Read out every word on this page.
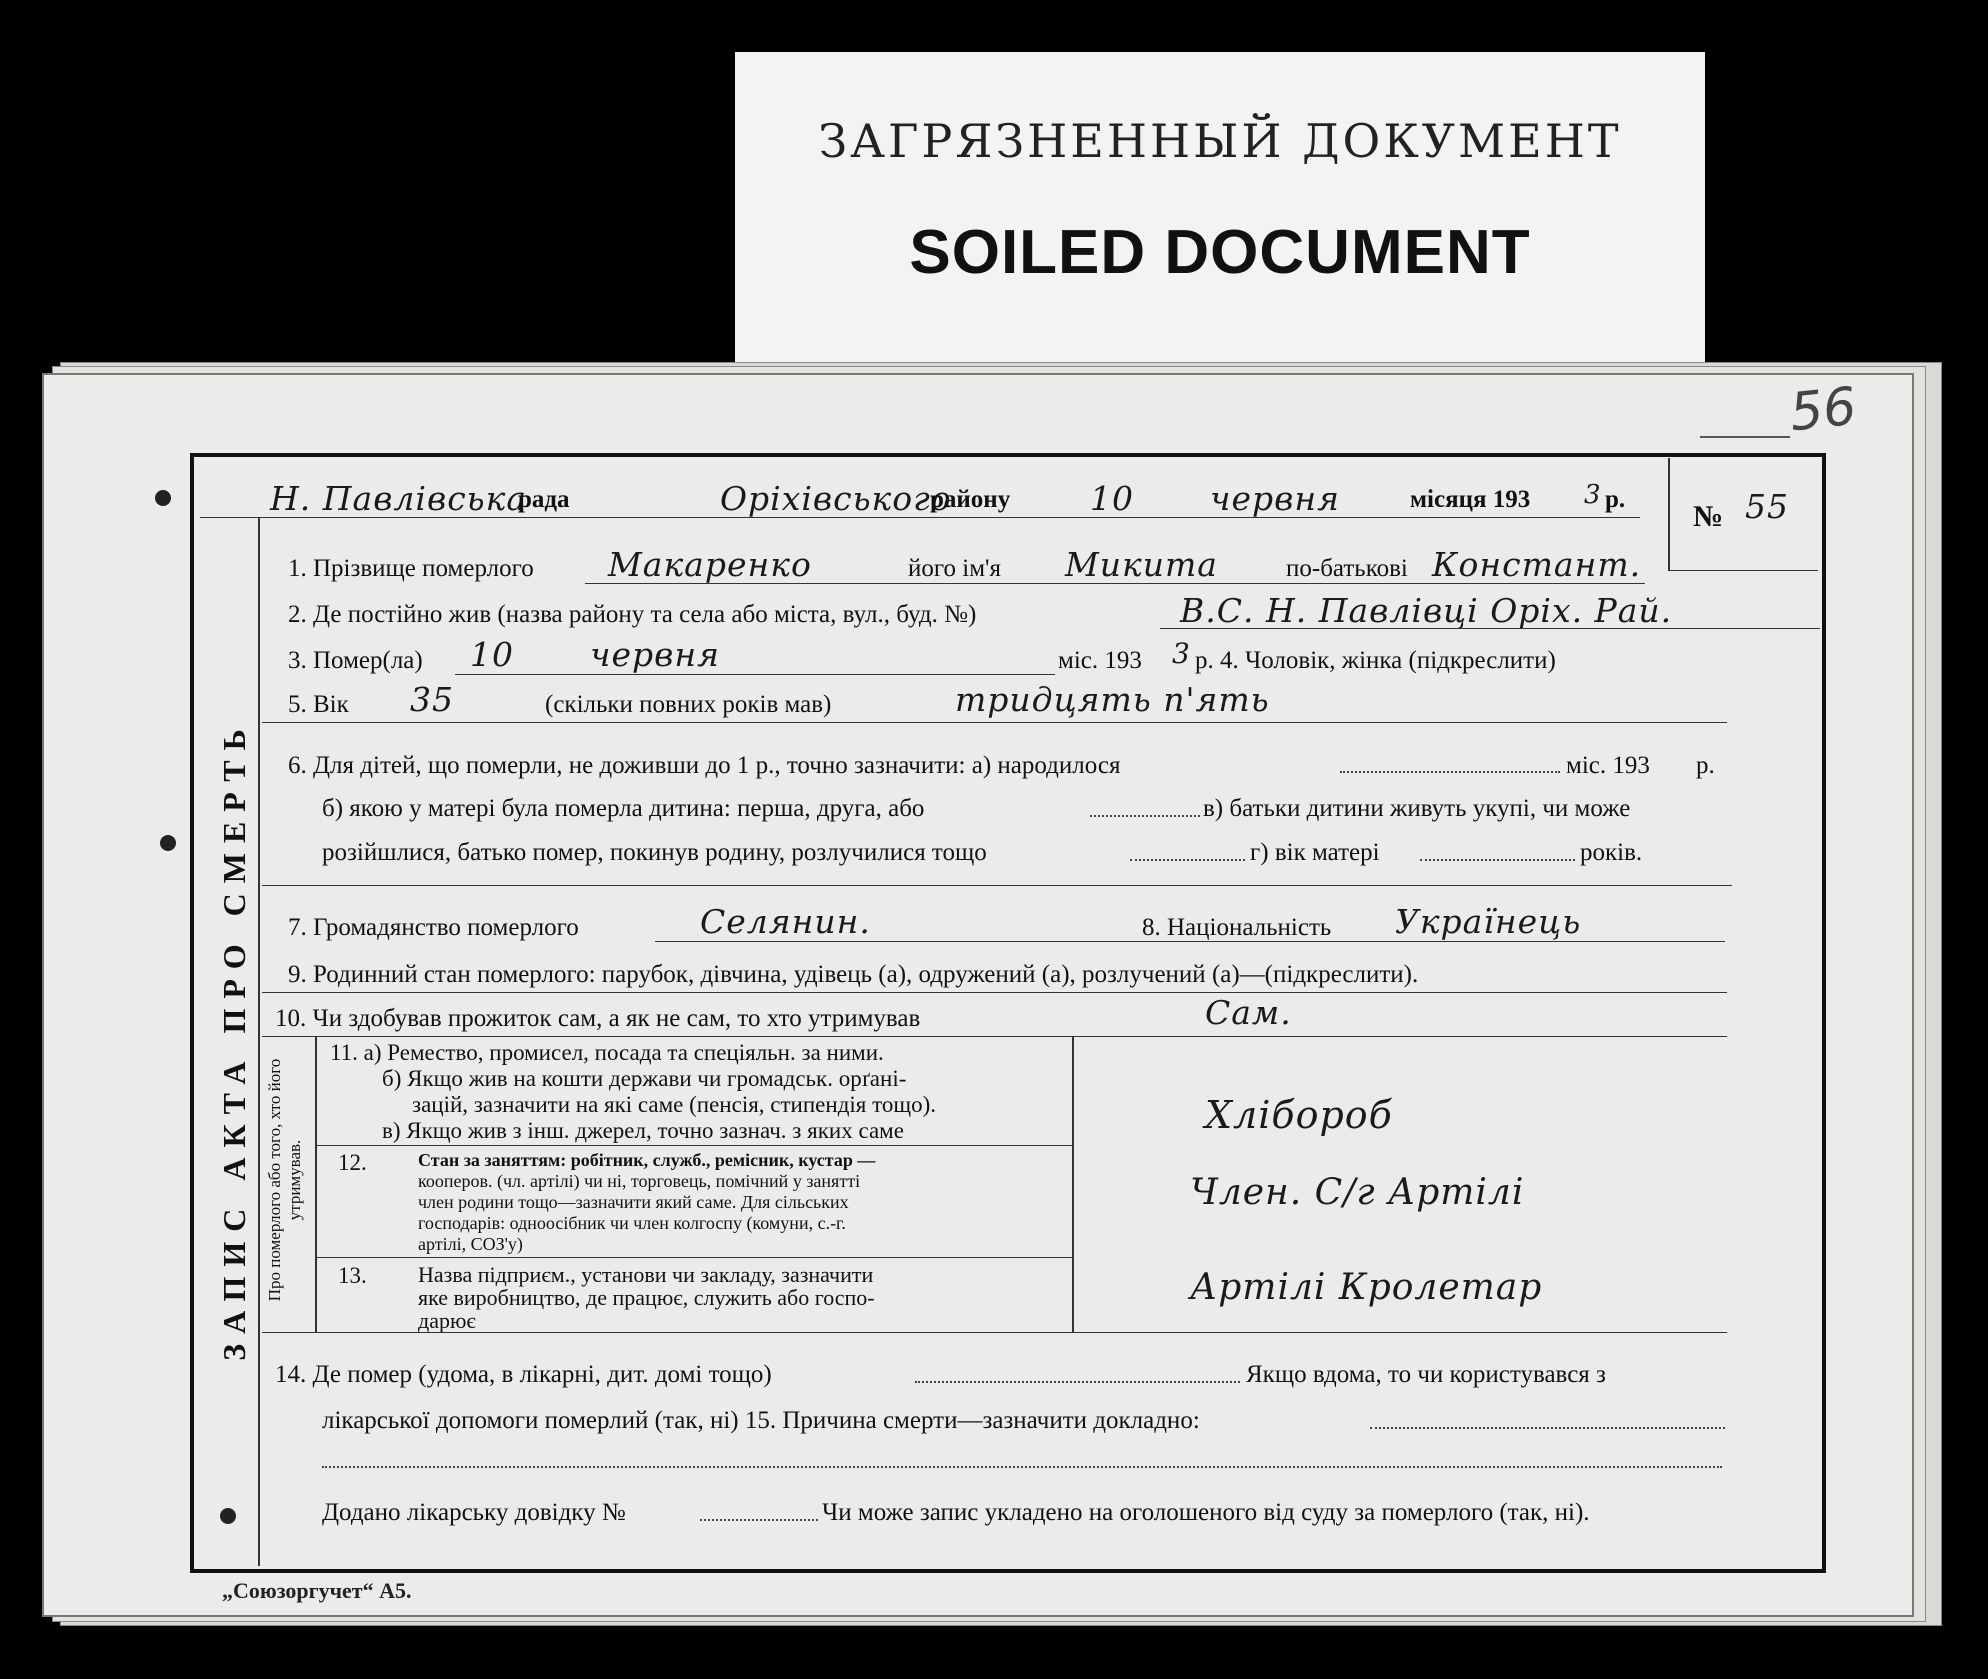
ЗАГРЯЗНЕННЫЙ ДОКУМЕНТ
SOILED DOCUMENT
56
Н. Павлівська
рада	Оріхівського
району 10 червня	місяця 193 3 р.
№ 55
ЗАПИС АКТА ПРО СМЕРТЬ
1. Прізвище померлого Макаренко	його ім'я Микита	по-батькові Констант.
2. Де постійно жив (назва району та села або міста, вул., буд. №)	В.С. Н. Павлівці Оріх. Рай.
3. Помер(ла) 10 червня	міс. 193 3 р. 4. Чоловік, жінка (підкреслити)
5. Вік 35	(скільки повних років мав)	тридцять п'ять
6. Для дітей, що померли, не доживши до 1 р., точно зазначити: а) народилося	міс. 193 р.
б) якою у матері була померла дитина: перша, друга, або	в) батьки дитини живуть укупі, чи може
розійшлися, батько помер, покинув родину, розлучилися тощо	г) вік матері	років.
7. Громадянство померлого	Селянин.	8. Національність Українець
9. Родинний стан померлого: парубок, дівчина, удівець (а), одружений (а), розлучений (а)—(підкреслити).
10. Чи здобував прожиток сам, а як не сам, то хто утримував	Сам.
Про померлого або того, хто його утримував.
11. а) Ремество, промисел, посада та спеціяльн. за ними.
б) Якщо жив на кошти держави чи громадськ. орґані-
зацій, зазначити на які саме (пенсія, стипендія тощо).
в) Якщо жив з інш. джерел, точно зазнач. з яких саме	Хлібороб
12.	Стан за заняттям: робітник, служб., ремісник, кустар —
кооперов. (чл. артілі) чи ні, торговець, помічний у занятті
член родини тощо—зазначити який саме. Для сільських
господарів: одноосібник чи член колгоспу (комуни, с.-г.
артілі, СОЗ'у)
Член. С/г Артілі
13. Назва підприєм., установи чи закладу, зазначити
яке виробництво, де працює, служить або госпо-
дарює
Артілі Кролетар
14. Де помер (удома, в лікарні, дит. домі тощо)	Якщо вдома, то чи користувався з
лікарської допомоги померлий (так, ні) 15. Причина смерти—зазначити докладно:
Додано лікарську довідку №	Чи може запис укладено на оголошеного від суду за померлого (так, ні).
„Союзоргучет“ А5.
